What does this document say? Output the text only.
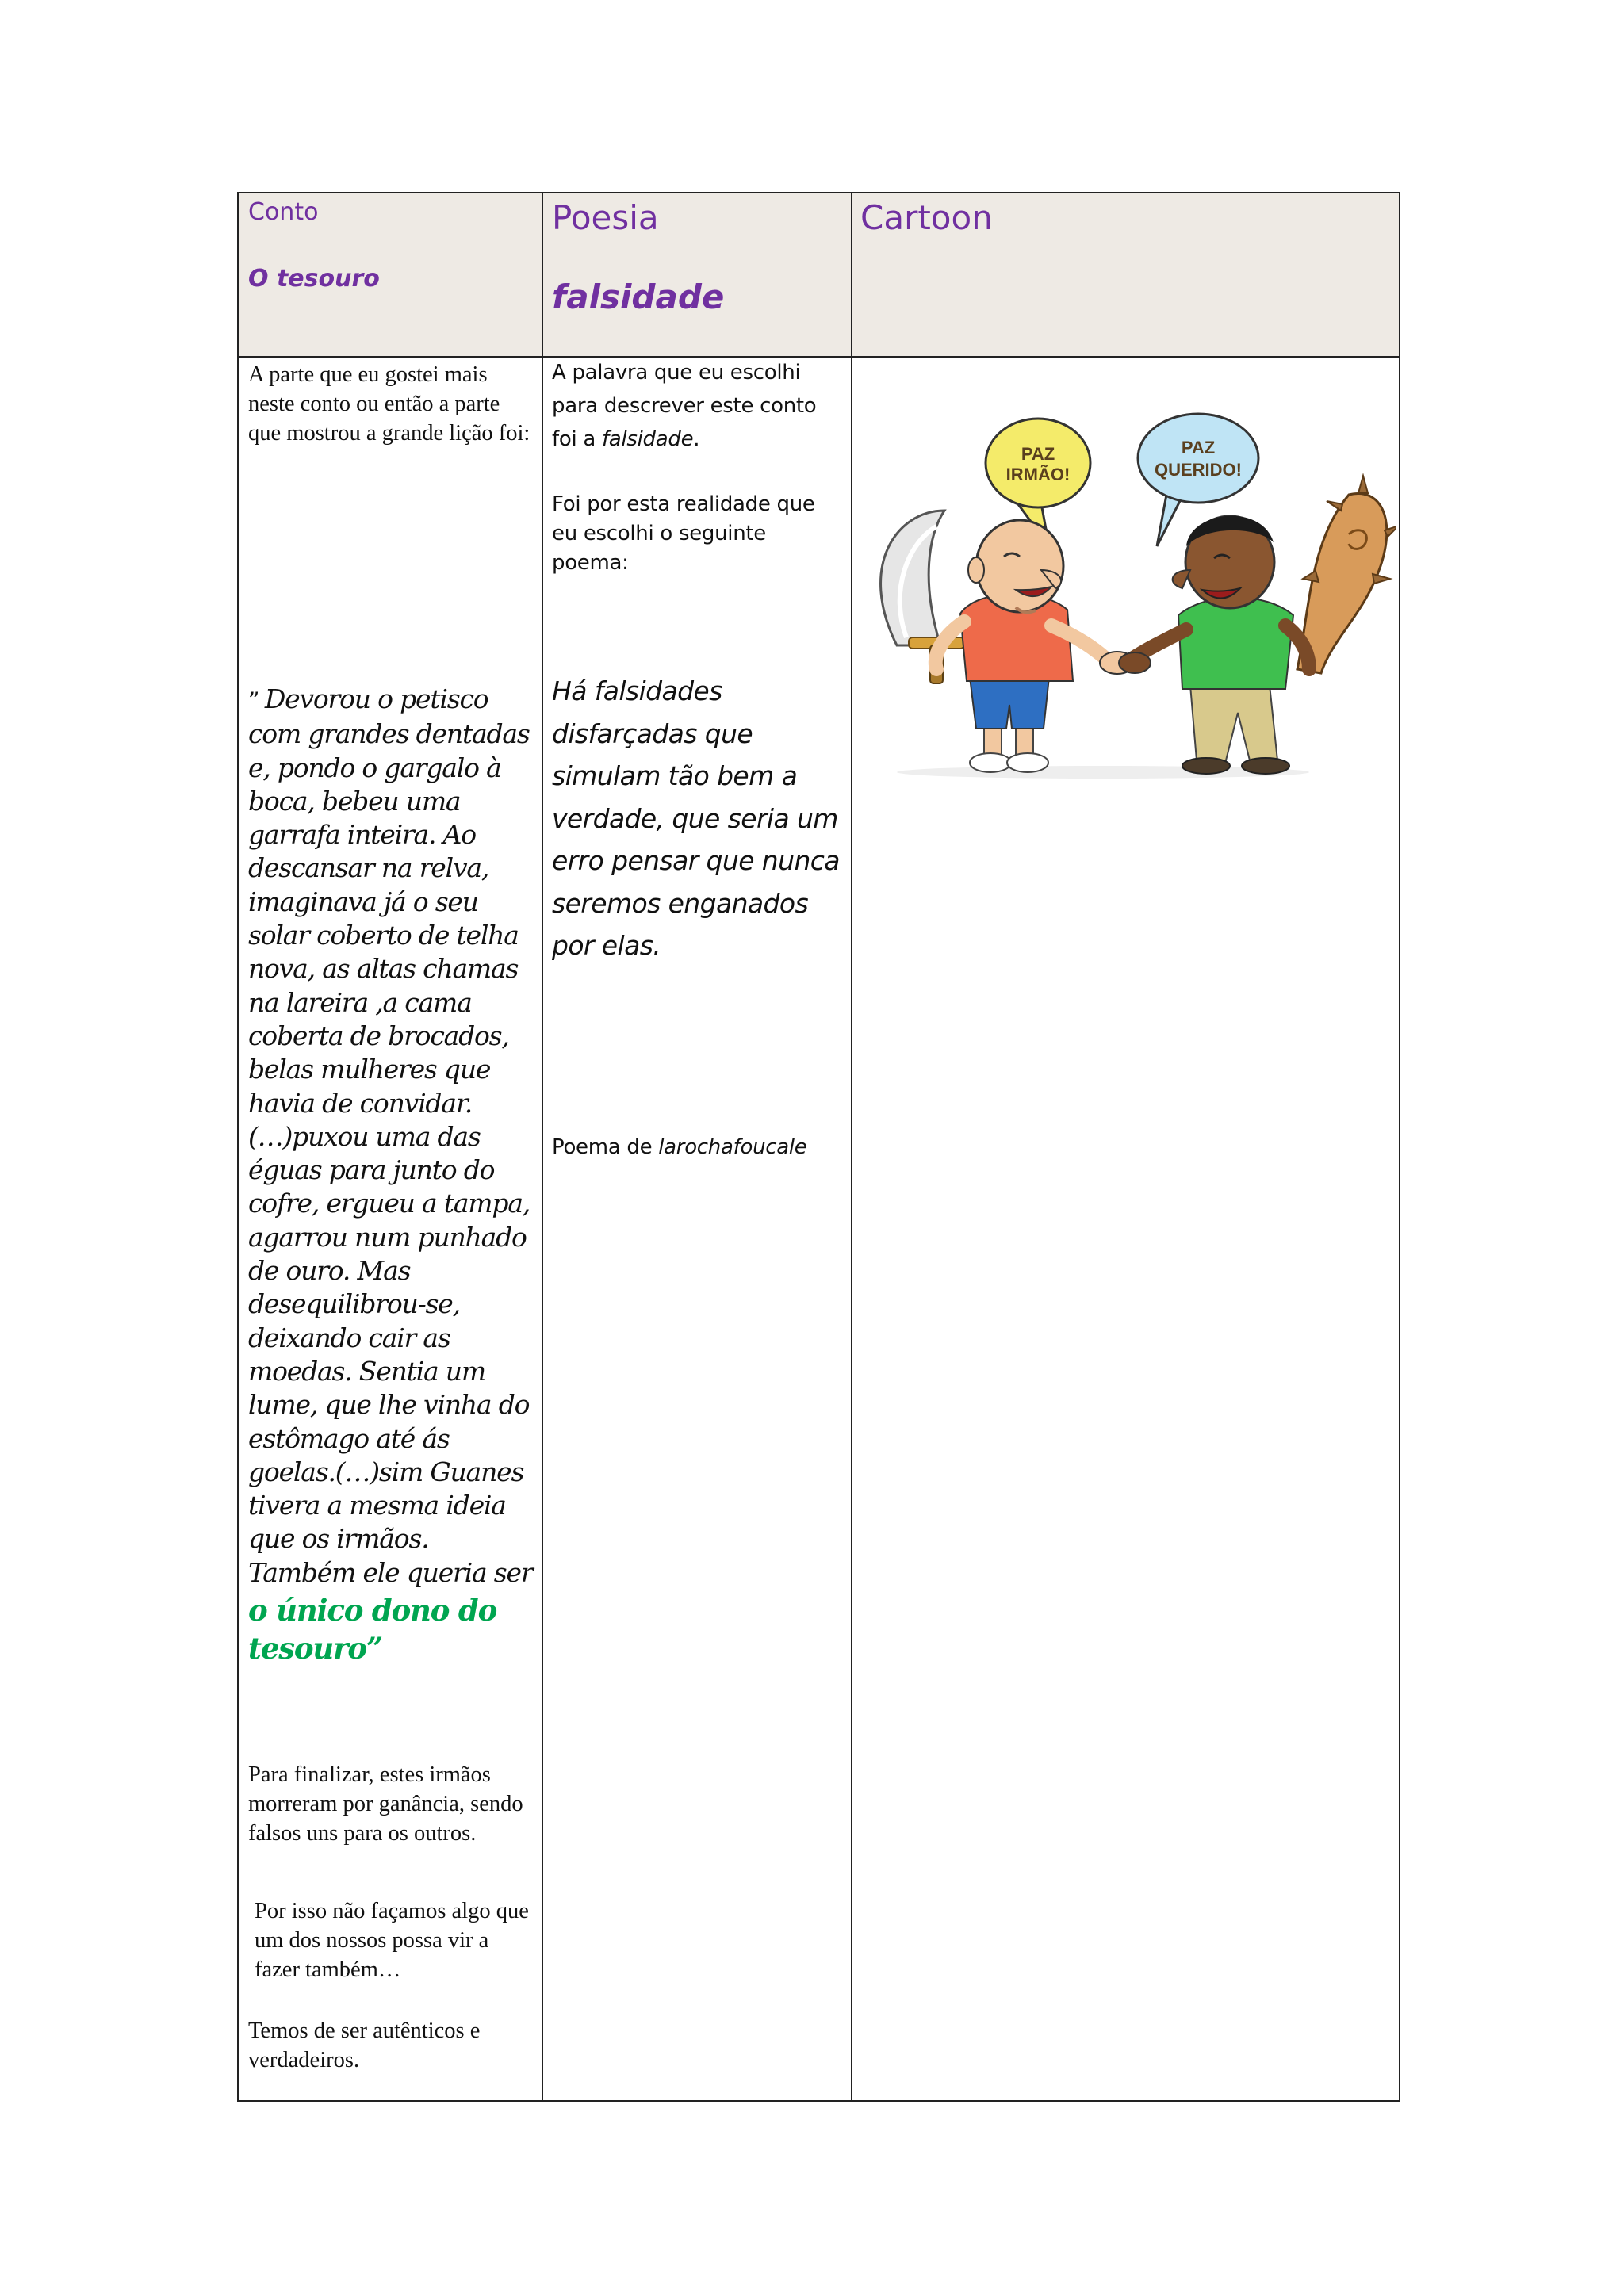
Conto
O tesouro
Poesia
falsidade
Cartoon
A parte que eu gostei mais neste conto ou então a parte que mostrou a grande lição foi:
” Devorou o petisco com grandes dentadas e, pondo o gargalo à boca, bebeu uma garrafa inteira. Ao descansar na relva, imaginava já o seu solar coberto de telha nova, as altas chamas na lareira ,a cama coberta de brocados, belas mulheres que havia de convidar. (…)puxou uma das éguas para junto do cofre, ergueu a tampa, agarrou num punhado de ouro. Mas desequilibrou-se, deixando cair as moedas. Sentia um lume, que lhe vinha do estômago até ás goelas.(…)sim Guanes tivera a mesma ideia que os irmãos. Também ele queria ser
o único dono do tesouro”
Para finalizar, estes irmãos morreram por ganância, sendo falsos uns para os outros.
Por isso não façamos algo que um dos nossos possa vir a fazer também…
Temos de ser autênticos e verdadeiros.
A palavra que eu escolhi para descrever este conto foi a falsidade.
Foi por esta realidade que eu escolhi o seguinte poema:
Há falsidades disfarçadas que simulam tão bem a verdade, que seria um erro pensar que nunca seremos enganados por elas.
Poema de larochafoucale
PAZ
IRMÃO!
PAZ
QUERIDO!
